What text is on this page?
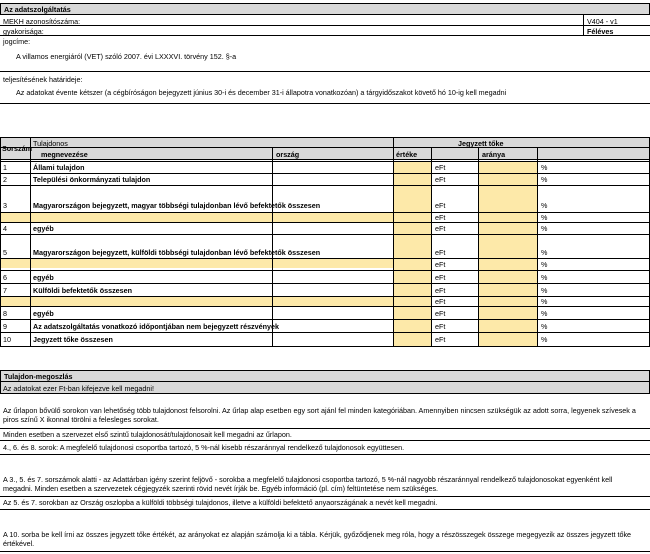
Az adatszolgáltatás
MEKH azonosítószáma:	V404 - v1
gyakorisága:	Féléves
jogcíme:
A villamos energiáról (VET) szóló 2007. évi LXXXVI. törvény 152. §-a
teljesítésének határideje:
Az adatokat évente kétszer (a cégbíróságon bejegyzett június 30-i és december 31-i állapotra vonatkozóan) a tárgyidőszakot követő hó 10-ig kell megadni
Sorszám
Tulajdonos	Jegyzett tőke
megnevezése	ország	értéke	aránya
1	Állami tulajdon	eFt	%
2	Települési önkormányzati tulajdon	eFt	%
3	Magyarországon bejegyzett, magyar többségi tulajdonban lévő befektetők összesen	eFt	%
eFt	%
4	egyéb	eFt	%
5	Magyarországon bejegyzett, külföldi többségi tulajdonban lévő befektetők összesen	eFt	%
eFt	%
6	egyéb	eFt	%
7	Külföldi befektetők összesen	eFt	%
eFt	%
8	egyéb	eFt	%
9	Az adatszolgáltatás vonatkozó időpontjában nem bejegyzett részvények	eFt	%
10	Jegyzett tőke összesen	eFt	%
Tulajdon-megoszlás
Az adatokat ezer Ft-ban kifejezve kell megadni!
Az űrlapon bővülő sorokon van lehetőség több tulajdonost felsorolni. Az űrlap alap esetben egy sort ajánl fel minden kategóriában. Amennyiben nincsen szükségük az adott sorra, legyenek szívesek a piros színű X ikonnal törölni a felesleges sorokat.
Minden esetben a szervezet első szintű tulajdonosát/tulajdonosait kell megadni az űrlapon.
4., 6. és 8. sorok: A megfelelő tulajdonosi csoportba tartozó, 5 %-nál kisebb részaránnyal rendelkező tulajdonosok együttesen.
A 3., 5. és 7. sorszámok alatti - az Adattárban igény szerint feljövő - sorokba a megfelelő tulajdonosi csoportba tartozó, 5 %-nál nagyobb részaránnyal rendelkező tulajdonosokat egyenként kell megadni. Minden esetben a szervezetek cégjegyzék szerinti rövid nevét írják be. Egyéb információ (pl. cím) feltüntetése nem szükséges.
Az 5. és 7. sorokban az Ország oszlopba a külföldi többségi tulajdonos, illetve a külföldi befektető anyaországának a nevét kell megadni.
A 10. sorba be kell írni az összes jegyzett tőke értékét, az arányokat ez alapján számolja ki a tábla. Kérjük, győződjenek meg róla, hogy a részösszegek összege megegyezik az összes jegyzett tőke értékével.
